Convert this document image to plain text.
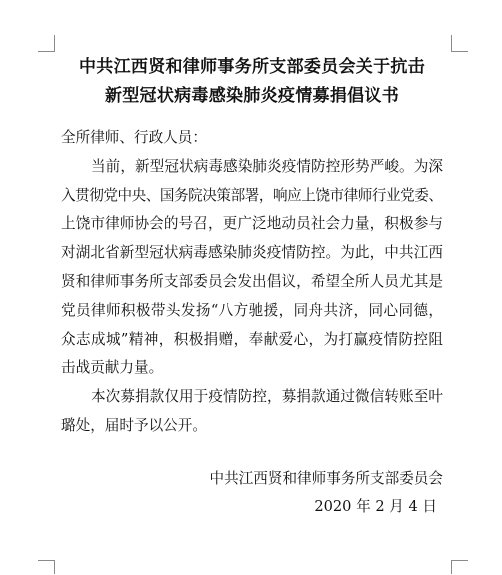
中共江西贤和律师事务所支部委员会关于抗击
新型冠状病毒感染肺炎疫情募捐倡议书
全所律师、行政人员：
当前，新型冠状病毒感染肺炎疫情防控形势严峻。为深
入贯彻党中央、国务院决策部署，响应上饶市律师行业党委、
上饶市律师协会的号召，更广泛地动员社会力量，积极参与
对湖北省新型冠状病毒感染肺炎疫情防控。为此，中共江西
贤和律师事务所支部委员会发出倡议，希望全所人员尤其是
党员律师积极带头发扬“八方驰援，同舟共济，同心同德，
众志成城”精神，积极捐赠，奉献爱心，为打赢疫情防控阻
击战贡献力量。
本次募捐款仅用于疫情防控，募捐款通过微信转账至叶
璐处，届时予以公开。
中共江西贤和律师事务所支部委员会
2020 年 2 月 4 日
